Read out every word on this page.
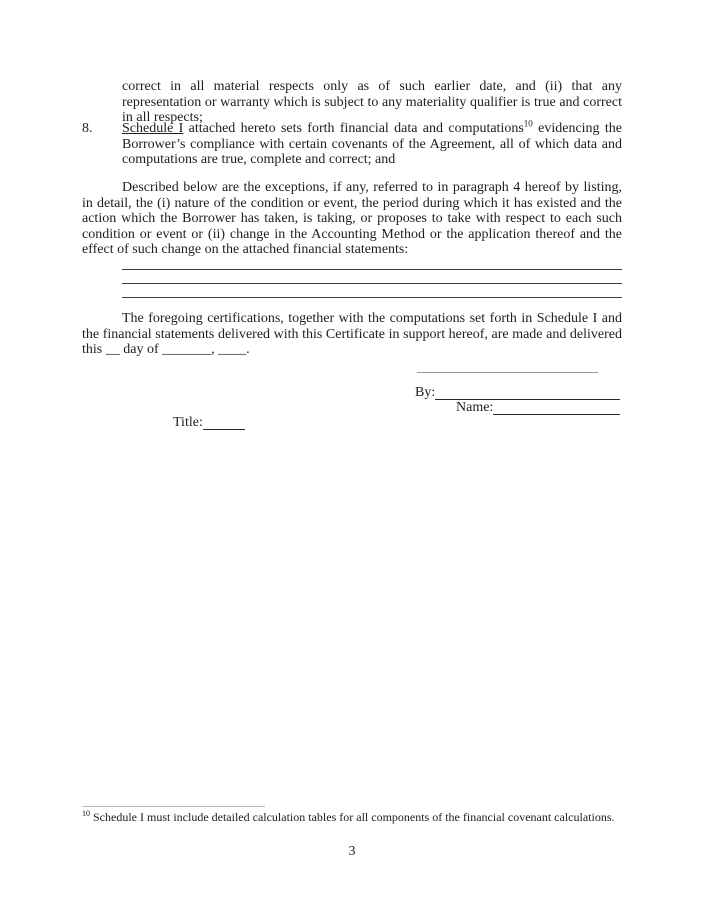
correct in all material respects only as of such earlier date, and (ii) that any representation or warranty which is subject to any materiality qualifier is true and correct in all respects;
8.	Schedule I attached hereto sets forth financial data and computations$^{10}$ evidencing the Borrower’s compliance with certain covenants of the Agreement, all of which data and computations are true, complete and correct; and
Described below are the exceptions, if any, referred to in paragraph 4 hereof by listing, in detail, the (i) nature of the condition or event, the period during which it has existed and the action which the Borrower has taken, is taking, or proposes to take with respect to each such condition or event or (ii) change in the Accounting Method or the application thereof and the effect of such change on the attached financial statements:
The foregoing certifications, together with the computations set forth in Schedule I and the financial statements delivered with this Certificate in support hereof, are made and delivered this __ day of _______, ____.
By:
Name:
Title:
$^{10}$ Schedule I must include detailed calculation tables for all components of the financial covenant calculations.
3
